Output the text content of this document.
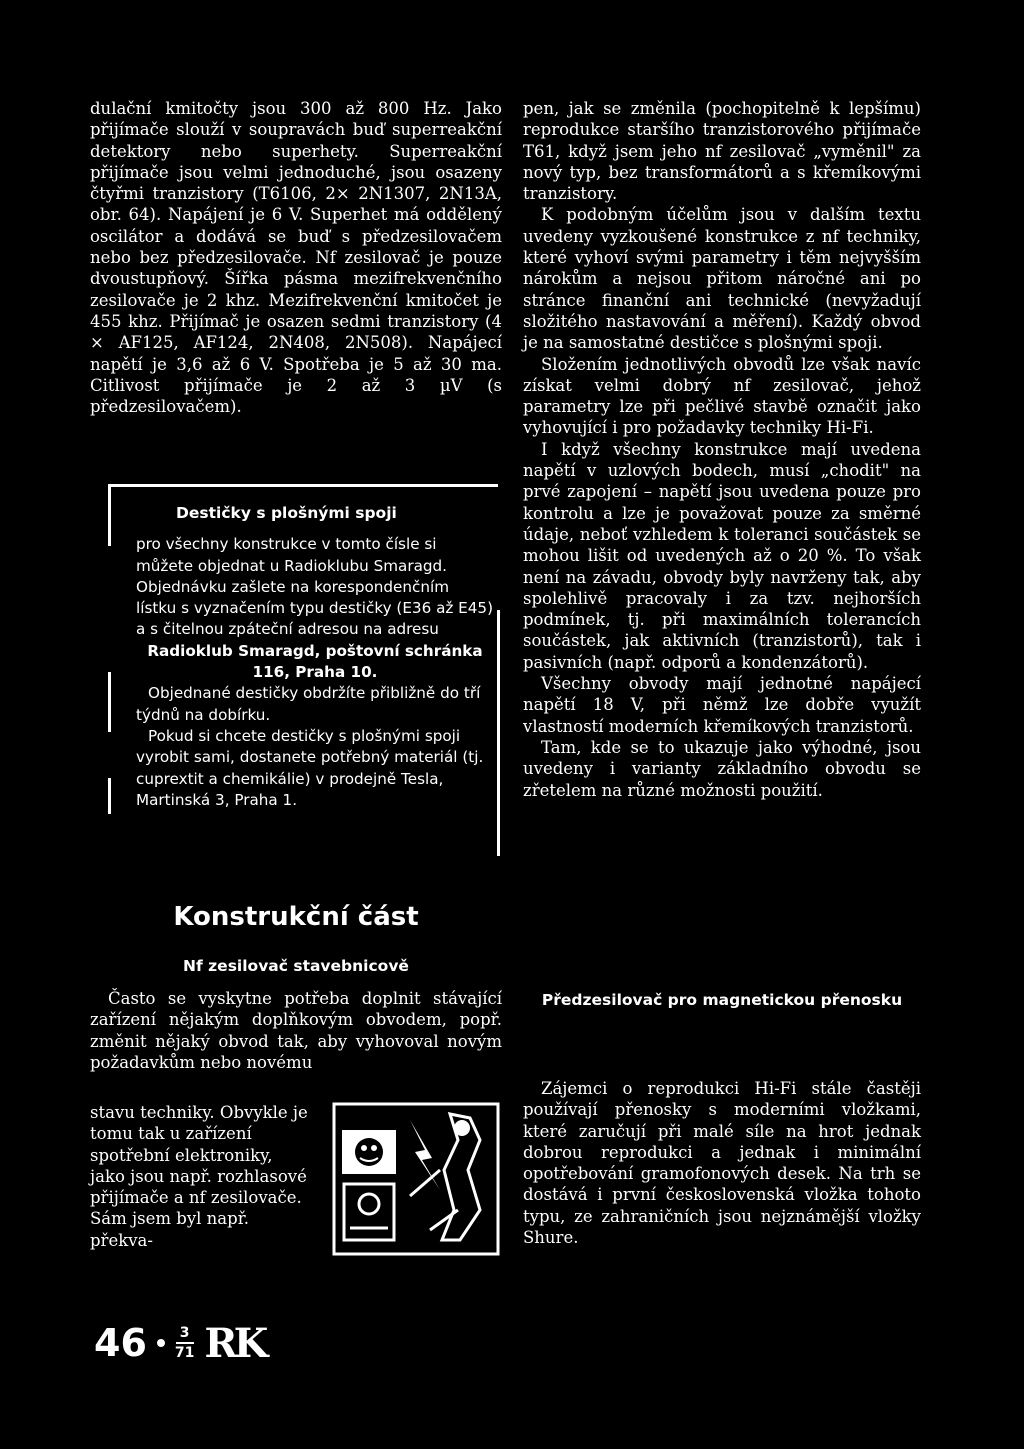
dulační kmitočty jsou 300 až 800 Hz. Jako přijímače slouží v soupravách buď superreakční detektory nebo superhety. Superreakční přijímače jsou velmi jednoduché, jsou osazeny čtyřmi tranzistory (T6106, 2× 2N1307, 2N13A, obr. 64). Napájení je 6 V. Superhet má oddělený oscilátor a dodává se buď s předzesilovačem nebo bez předzesilovače. Nf zesilovač je pouze dvoustupňový. Šířka pásma mezifrekvenčního zesilovače je 2 khz. Mezifrekvenční kmitočet je 455 khz. Přijímač je osazen sedmi tranzistory (4 × AF125, AF124, 2N408, 2N508). Napájecí napětí je 3,6 až 6 V. Spotřeba je 5 až 30 ma. Citlivost přijímače je 2 až 3 µV (s předzesilovačem).

Destičky s plošnými spoji

pro všechny konstrukce v tomto čísle si můžete objednat u Radioklubu Smaragd. Objednávku zašlete na korespondenčním lístku s vyznačením typu destičky (E36 až E45) a s čitelnou zpáteční adresou na adresu

Radioklub Smaragd, poštovní schránka 116, Praha 10.

Objednané destičky obdržíte přibližně do tří týdnů na dobírku.

Pokud si chcete destičky s plošnými spoji vyrobit sami, dostanete potřebný materiál (tj. cuprextit a chemikálie) v prodejně Tesla, Martinská 3, Praha 1.

Konstrukční část
Nf zesilovač stavebnicově

Často se vyskytne potřeba doplnit stávající zařízení nějakým doplňkovým obvodem, popř. změnit nějaký obvod tak, aby vyhovoval novým požadavkům nebo novému

stavu techniky. Obvykle je tomu tak u zařízení spotřební elektroniky, jako jsou např. rozhlasové přijímače a nf zesilovače. Sám jsem byl např. překva-

46 3
71 RK

pen, jak se změnila (pochopitelně k lepšímu) reprodukce staršího tranzistorového přijímače T61, když jsem jeho nf zesilovač „vyměnil" za nový typ, bez transformátorů a s křemíkovými tranzistory.

K podobným účelům jsou v dalším textu uvedeny vyzkoušené konstrukce z nf techniky, které vyhoví svými parametry i těm nejvyšším nárokům a nejsou přitom náročné ani po stránce finanční ani technické (nevyžadují složitého nastavování a měření). Každý obvod je na samostatné destičce s plošnými spoji.

Složením jednotlivých obvodů lze však navíc získat velmi dobrý nf zesilovač, jehož parametry lze při pečlivé stavbě označit jako vyhovující i pro požadavky techniky Hi-Fi.

I když všechny konstrukce mají uvedena napětí v uzlových bodech, musí „chodit" na prvé zapojení – napětí jsou uvedena pouze pro kontrolu a lze je považovat pouze za směrné údaje, neboť vzhledem k toleranci součástek se mohou lišit od uvedených až o 20 %. To však není na závadu, obvody byly navrženy tak, aby spolehlivě pracovaly i za tzv. nejhorších podmínek, tj. při maximálních tolerancích součástek, jak aktivních (tranzistorů), tak i pasivních (např. odporů a kondenzátorů).

Všechny obvody mají jednotné napájecí napětí 18 V, při němž lze dobře využít vlastností moderních křemíkových tranzistorů.

Tam, kde se to ukazuje jako výhodné, jsou uvedeny i varianty základního obvodu se zřetelem na různé možnosti použití.

Předzesilovač pro magnetickou přenosku

Zájemci o reprodukci Hi-Fi stále častěji používají přenosky s moderními vložkami, které zaručují při malé síle na hrot jednak dobrou reprodukci a jednak i minimální opotřebování gramofonových desek. Na trh se dostává i první československá vložka tohoto typu, ze zahraničních jsou nejznámější vložky Shure.
